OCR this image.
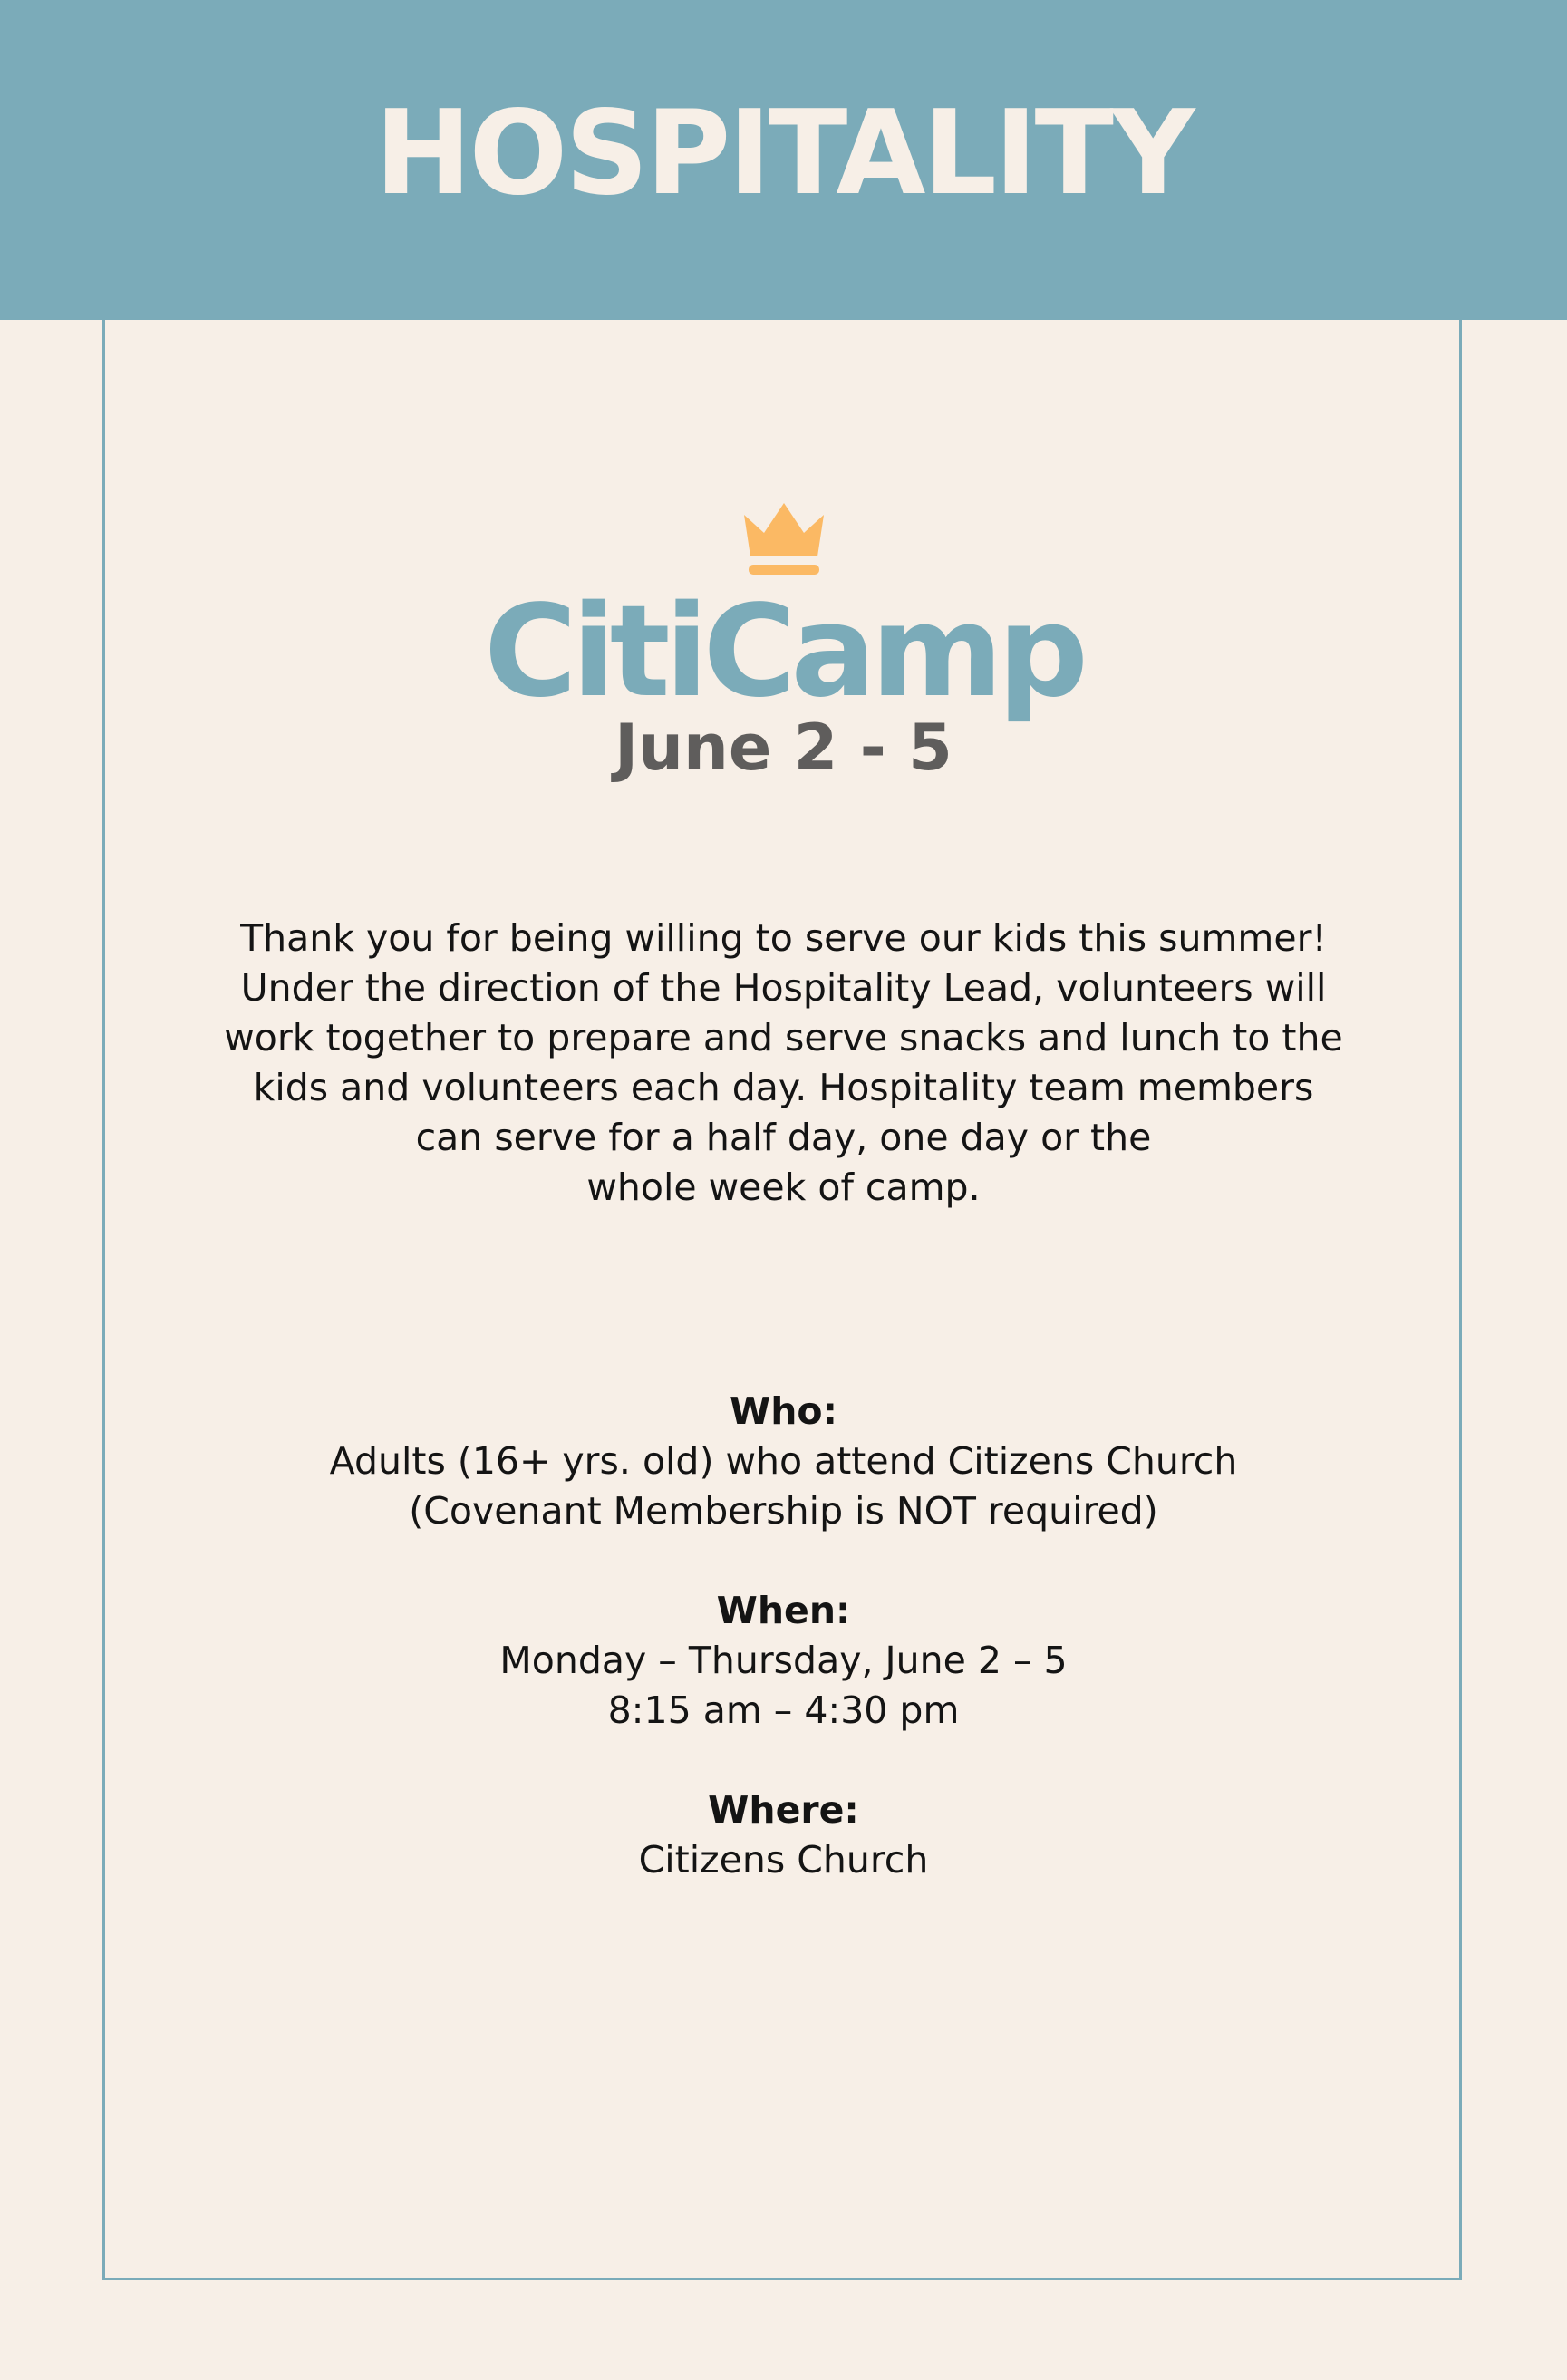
HOSPITALITY
CitiCamp
June 2 - 5

Thank you for being willing to serve our kids this summer!
Under the direction of the Hospitality Lead, volunteers will
work together to prepare and serve snacks and lunch to the
kids and volunteers each day. Hospitality team members
can serve for a half day, one day or the
whole week of camp.

Who:
Adults (16+ yrs. old) who attend Citizens Church
(Covenant Membership is NOT required)
When:
Monday – Thursday, June 2 – 5
8:15 am – 4:30 pm
Where:
Citizens Church
